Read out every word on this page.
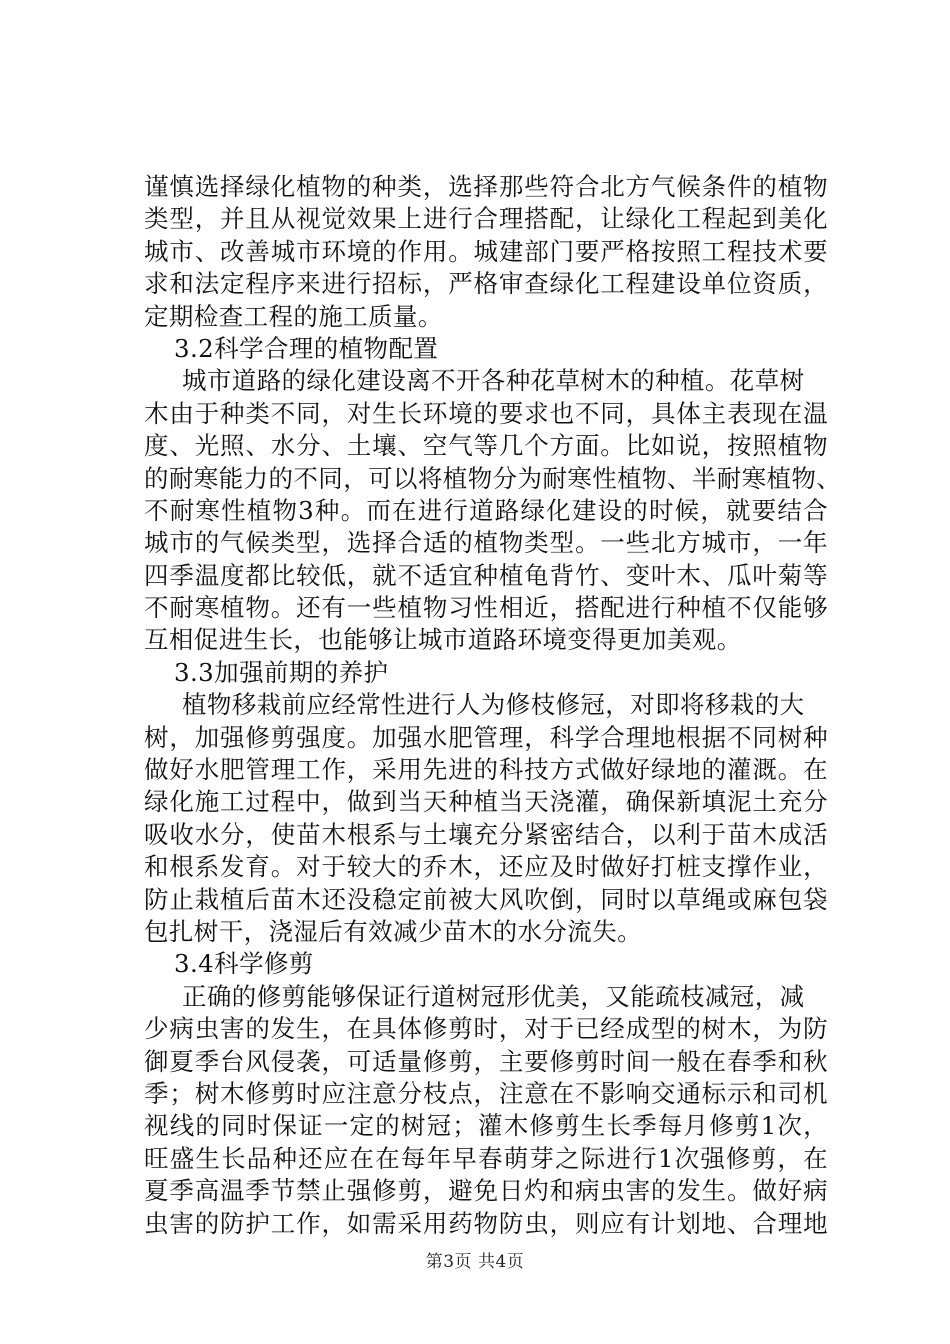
谨慎选择绿化植物的种类，选择那些符合北方气候条件的植物
类型，并且从视觉效果上进行合理搭配，让绿化工程起到美化
城市、改善城市环境的作用。城建部门要严格按照工程技术要
求和法定程序来进行招标，严格审查绿化工程建设单位资质，
定期检查工程的施工质量。
3.2科学合理的植物配置
城市道路的绿化建设离不开各种花草树木的种植。花草树
木由于种类不同，对生长环境的要求也不同，具体主表现在温
度、光照、水分、土壤、空气等几个方面。比如说，按照植物
的耐寒能力的不同，可以将植物分为耐寒性植物、半耐寒植物、
不耐寒性植物3种。而在进行道路绿化建设的时候，就要结合
城市的气候类型，选择合适的植物类型。一些北方城市，一年
四季温度都比较低，就不适宜种植龟背竹、变叶木、瓜叶菊等
不耐寒植物。还有一些植物习性相近，搭配进行种植不仅能够
互相促进生长，也能够让城市道路环境变得更加美观。
3.3加强前期的养护
植物移栽前应经常性进行人为修枝修冠，对即将移栽的大
树，加强修剪强度。加强水肥管理，科学合理地根据不同树种
做好水肥管理工作，采用先进的科技方式做好绿地的灌溉。在
绿化施工过程中，做到当天种植当天浇灌，确保新填泥土充分
吸收水分，使苗木根系与土壤充分紧密结合，以利于苗木成活
和根系发育。对于较大的乔木，还应及时做好打桩支撑作业，
防止栽植后苗木还没稳定前被大风吹倒，同时以草绳或麻包袋
包扎树干，浇湿后有效减少苗木的水分流失。
3.4科学修剪
正确的修剪能够保证行道树冠形优美，又能疏枝减冠，减
少病虫害的发生，在具体修剪时，对于已经成型的树木，为防
御夏季台风侵袭，可适量修剪，主要修剪时间一般在春季和秋
季；树木修剪时应注意分枝点，注意在不影响交通标示和司机
视线的同时保证一定的树冠；灌木修剪生长季每月修剪1次，
旺盛生长品种还应在在每年早春萌芽之际进行1次强修剪，在
夏季高温季节禁止强修剪，避免日灼和病虫害的发生。做好病
虫害的防护工作，如需采用药物防虫，则应有计划地、合理地
第3页 共4页
